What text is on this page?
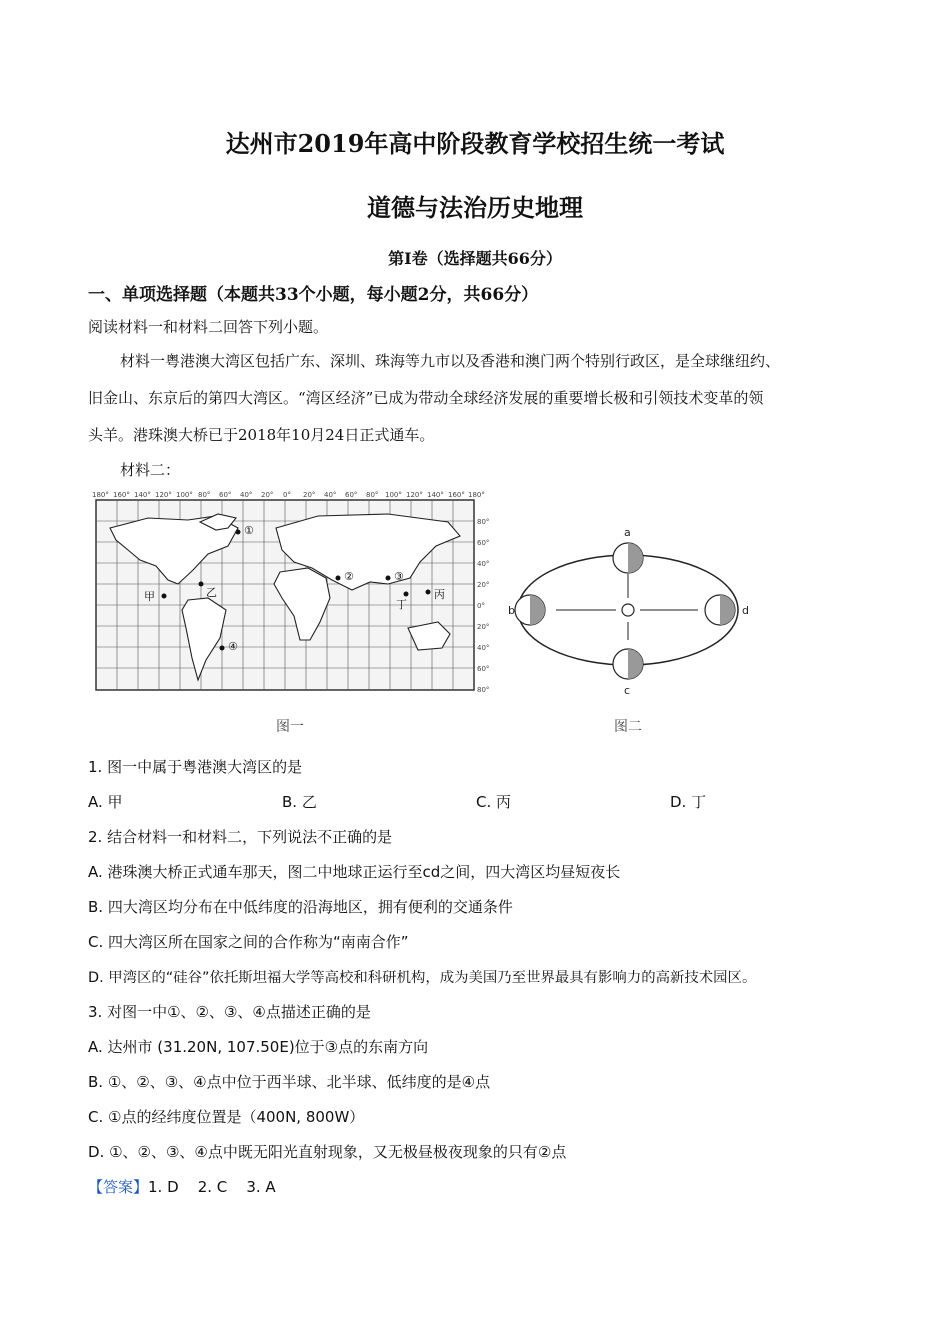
达州市2019年高中阶段教育学校招生统一考试
道德与法治历史地理
第Ⅰ卷（选择题共66分）
一、单项选择题（本题共33个小题，每小题2分，共66分）
阅读材料一和材料二回答下列小题。
材料一粤港澳大湾区包括广东、深圳、珠海等九市以及香港和澳门两个特别行政区，是全球继纽约、
旧金山、东京后的第四大湾区。“湾区经济”已成为带动全球经济发展的重要增长极和引领技术变革的领
头羊。港珠澳大桥已于2018年10月24日正式通车。
材料二：
180° 160° 140° 120° 100° 80° 60° 40° 20° 0° 20° 40° 60° 80° 100° 120° 140° 160° 180°
80°
60°
40°
20°
0°
20°
40°
60°
80°
①
②	③
④
甲	乙	丙
丁
图一
a
b
c
d
图二
1. 图一中属于粤港澳大湾区的是
A. 甲	B. 乙	C. 丙	D. 丁
2. 结合材料一和材料二，下列说法不正确的是
A. 港珠澳大桥正式通车那天，图二中地球正运行至cd之间，四大湾区均昼短夜长
B. 四大湾区均分布在中低纬度的沿海地区，拥有便利的交通条件
C. 四大湾区所在国家之间的合作称为“南南合作”
D. 甲湾区的“硅谷”依托斯坦福大学等高校和科研机构，成为美国乃至世界最具有影响力的高新技术园区。
3. 对图一中①、②、③、④点描述正确的是
A. 达州市 (31.20N, 107.50E)位于③点的东南方向
B. ①、②、③、④点中位于西半球、北半球、低纬度的是④点
C. ①点的经纬度位置是（400N, 800W）
D. ①、②、③、④点中既无阳光直射现象，又无极昼极夜现象的只有②点
【答案】1. D    2. C    3. A
